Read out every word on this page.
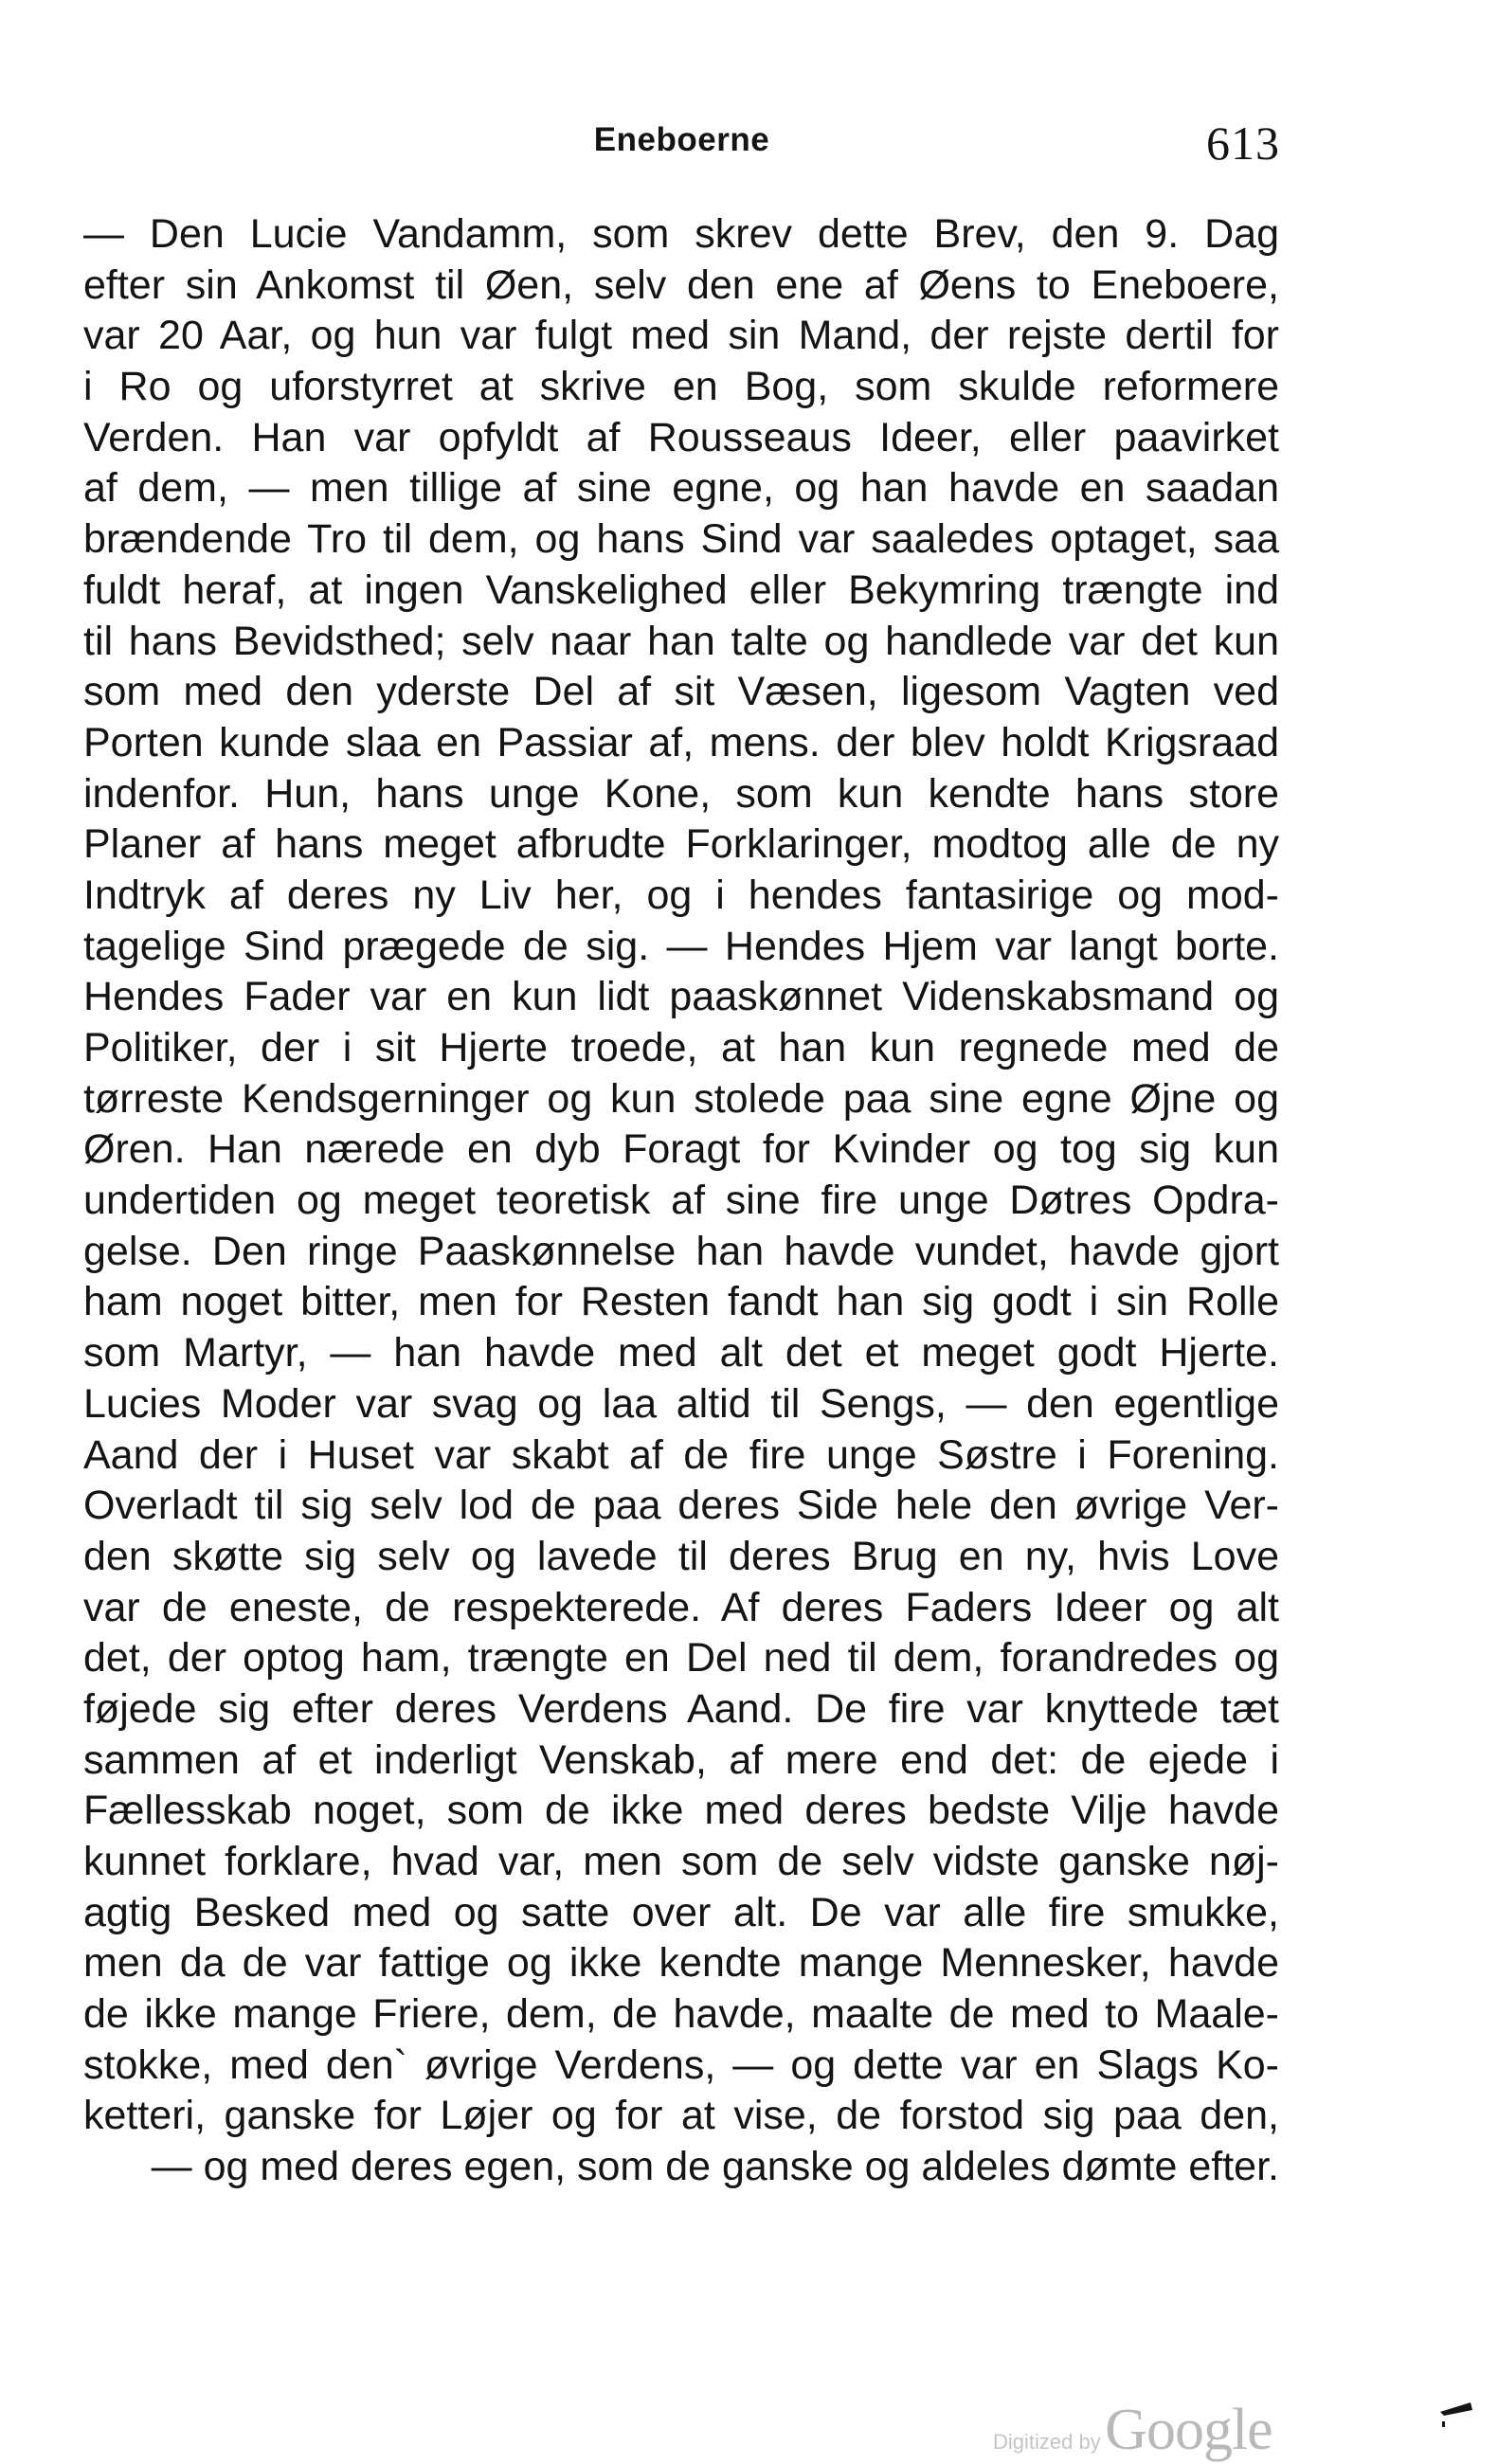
Eneboerne	613
— Den Lucie Vandamm, som skrev dette Brev, den 9. Dag
efter sin Ankomst til Øen, selv den ene af Øens to Eneboere,
var 20 Aar, og hun var fulgt med sin Mand, der rejste dertil for
i Ro og uforstyrret at skrive en Bog, som skulde reformere
Verden. Han var opfyldt af Rousseaus Ideer, eller paavirket
af dem, — men tillige af sine egne, og han havde en saadan
brændende Tro til dem, og hans Sind var saaledes optaget, saa
fuldt heraf, at ingen Vanskelighed eller Bekymring trængte ind
til hans Bevidsthed; selv naar han talte og handlede var det kun
som med den yderste Del af sit Væsen, ligesom Vagten ved
Porten kunde slaa en Passiar af, mens. der blev holdt Krigsraad
indenfor. Hun, hans unge Kone, som kun kendte hans store
Planer af hans meget afbrudte Forklaringer, modtog alle de ny
Indtryk af deres ny Liv her, og i hendes fantasirige og mod-
tagelige Sind prægede de sig. — Hendes Hjem var langt borte.
Hendes Fader var en kun lidt paaskønnet Videnskabsmand og
Politiker, der i sit Hjerte troede, at han kun regnede med de
tørreste Kendsgerninger og kun stolede paa sine egne Øjne og
Øren. Han nærede en dyb Foragt for Kvinder og tog sig kun
undertiden og meget teoretisk af sine fire unge Døtres Opdra-
gelse. Den ringe Paaskønnelse han havde vundet, havde gjort
ham noget bitter, men for Resten fandt han sig godt i sin Rolle
som Martyr, — han havde med alt det et meget godt Hjerte.
Lucies Moder var svag og laa altid til Sengs, — den egentlige
Aand der i Huset var skabt af de fire unge Søstre i Forening.
Overladt til sig selv lod de paa deres Side hele den øvrige Ver-
den skøtte sig selv og lavede til deres Brug en ny, hvis Love
var de eneste, de respekterede. Af deres Faders Ideer og alt
det, der optog ham, trængte en Del ned til dem, forandredes og
føjede sig efter deres Verdens Aand. De fire var knyttede tæt
sammen af et inderligt Venskab, af mere end det: de ejede i
Fællesskab noget, som de ikke med deres bedste Vilje havde
kunnet forklare, hvad var, men som de selv vidste ganske nøj-
agtig Besked med og satte over alt. De var alle fire smukke,
men da de var fattige og ikke kendte mange Mennesker, havde
de ikke mange Friere, dem, de havde, maalte de med to Maale-
stokke, med den` øvrige Verdens, — og dette var en Slags Ko-
ketteri, ganske for Løjer og for at vise, de forstod sig paa den,
— og med deres egen, som de ganske og aldeles dømte efter.
Digitized by Google
